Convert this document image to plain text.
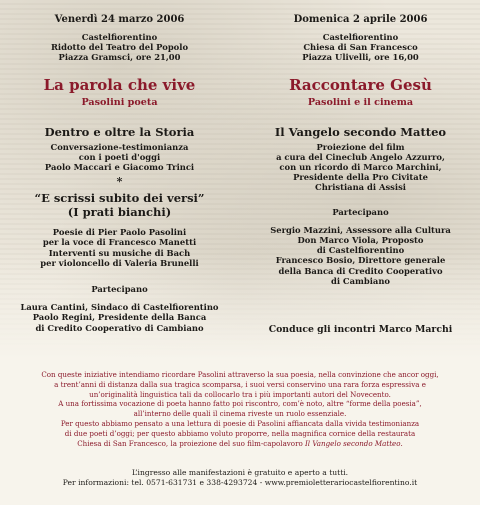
Venerdì 24 marzo 2006
Castelfiorentino
Ridotto del Teatro del Popolo
Piazza Gramsci, ore 21,00
La parola che vive
Pasolini poeta
Dentro e oltre la Storia
Conversazione-testimonianza
con i poeti d'oggi
Paolo Maccari e Giacomo Trinci
*
“E scrissi subito dei versi”
(I prati bianchi)
Poesie di Pier Paolo Pasolini
per la voce di Francesco Manetti
Interventi su musiche di Bach
per violoncello di Valeria Brunelli
Partecipano
Laura Cantini, Sindaco di Castelfiorentino
Paolo Regini, Presidente della Banca
di Credito Cooperativo di Cambiano
Domenica 2 aprile 2006
Castelfiorentino
Chiesa di San Francesco
Piazza Ulivelli, ore 16,00
Raccontare Gesù
Pasolini e il cinema
Il Vangelo secondo Matteo
Proiezione del film
a cura del Cineclub Angelo Azzurro,
con un ricordo di Marco Marchini,
Presidente della Pro Civitate
Christiana di Assisi
Partecipano
Sergio Mazzini, Assessore alla Cultura
Don Marco Viola, Proposto
di Castelfiorentino
Francesco Bosio, Direttore generale
della Banca di Credito Cooperativo
di Cambiano
Conduce gli incontri Marco Marchi
Con queste iniziative intendiamo ricordare Pasolini attraverso la sua poesia, nella convinzione che ancor oggi,
a trent’anni di distanza dalla sua tragica scomparsa, i suoi versi conservino una rara forza espressiva e
un’originalità linguistica tali da collocarlo tra i più importanti autori del Novecento.
A una fortissima vocazione di poeta hanno fatto poi riscontro, com’è noto, altre “forme della poesia”,
all’interno delle quali il cinema riveste un ruolo essenziale.
Per questo abbiamo pensato a una lettura di poesie di Pasolini affiancata dalla vivida testimonianza
di due poeti d’oggi; per questo abbiamo voluto proporre, nella magnifica cornice della restaurata
Chiesa di San Francesco, la proiezione del suo film-capolavoro Il Vangelo secondo Matteo.
L’ingresso alle manifestazioni è gratuito e aperto a tutti.
Per informazioni: tel. 0571-631731 e 338-4293724 - www.premioletterariocastelfiorentino.it
